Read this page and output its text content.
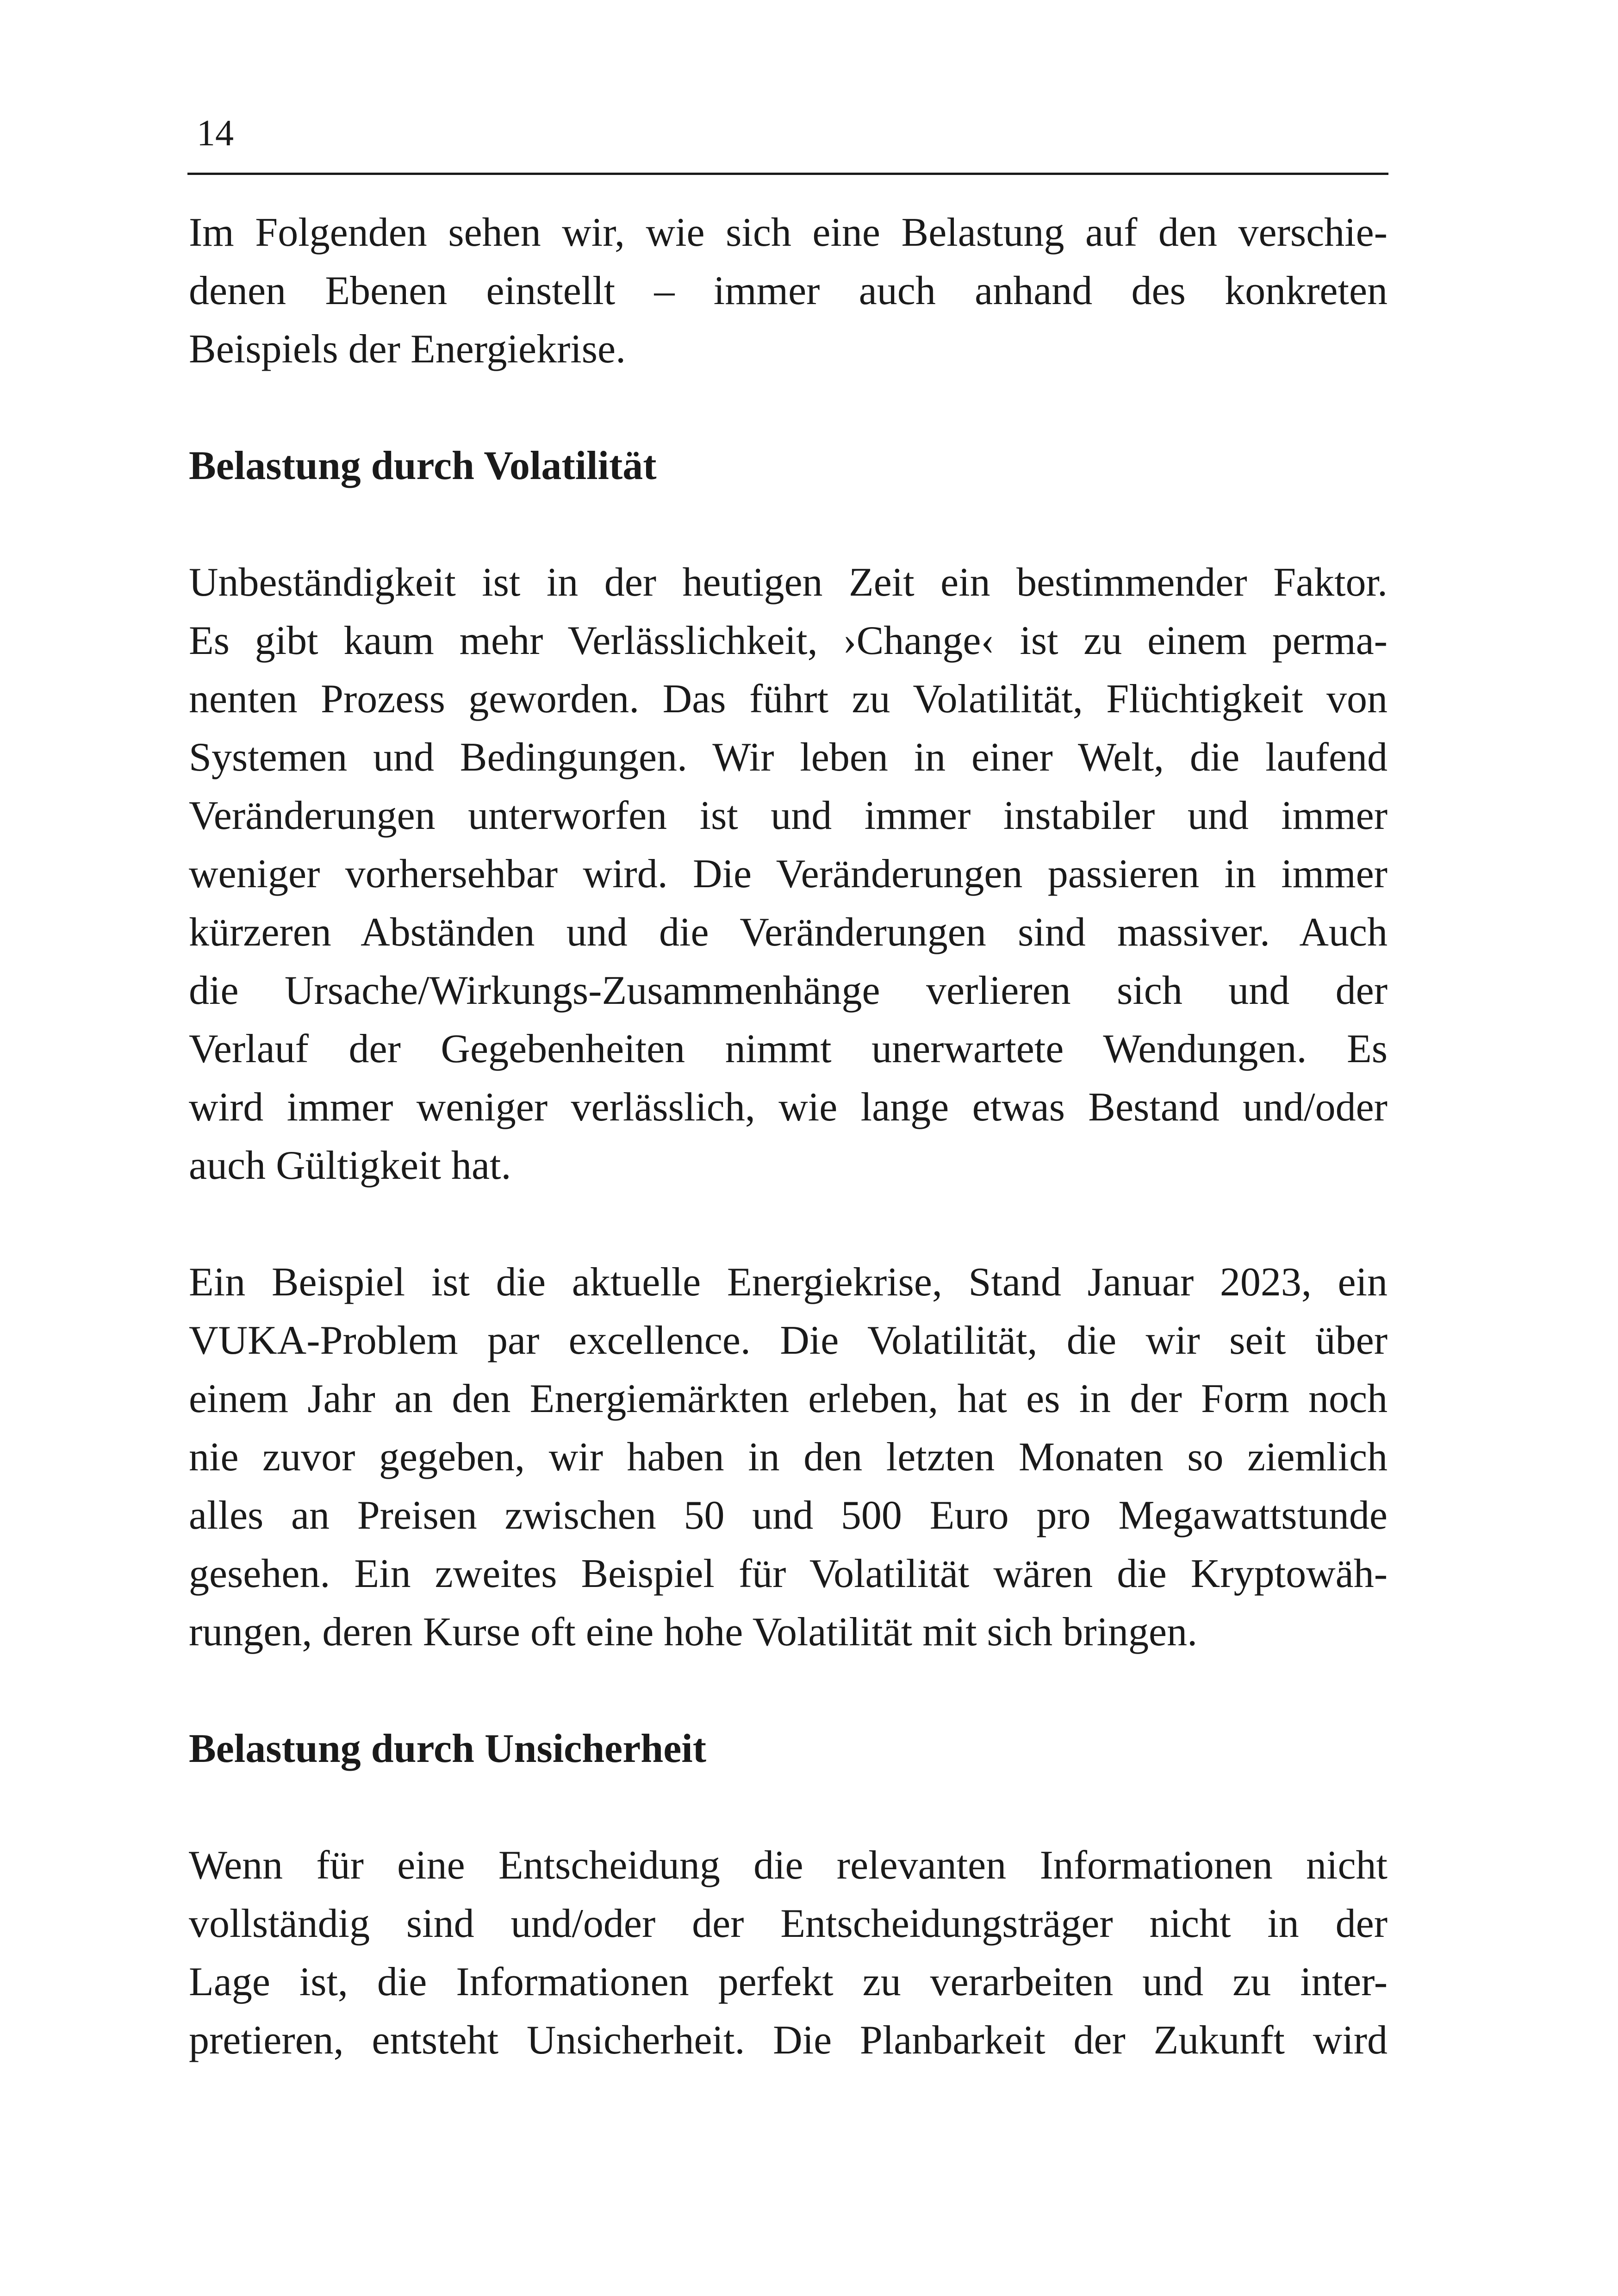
14

Im Folgenden sehen wir, wie sich eine Belastung auf den verschie-
denen Ebenen einstellt – immer auch anhand des konkreten
Beispiels der Energiekrise.

Belastung durch Volatilität

Unbeständigkeit ist in der heutigen Zeit ein bestimmender Faktor.
Es gibt kaum mehr Verlässlichkeit, ›Change‹ ist zu einem perma-
nenten Prozess geworden. Das führt zu Volatilität, Flüchtigkeit von
Systemen und Bedingungen. Wir leben in einer Welt, die laufend
Veränderungen unterworfen ist und immer instabiler und immer
weniger vorhersehbar wird. Die Veränderungen passieren in immer
kürzeren Abständen und die Veränderungen sind massiver. Auch
die Ursache/Wirkungs-Zusammenhänge verlieren sich und der
Verlauf der Gegebenheiten nimmt unerwartete Wendungen. Es
wird immer weniger verlässlich, wie lange etwas Bestand und/oder
auch Gültigkeit hat.

Ein Beispiel ist die aktuelle Energiekrise, Stand Januar 2023, ein
VUKA-Problem par excellence. Die Volatilität, die wir seit über
einem Jahr an den Energiemärkten erleben, hat es in der Form noch
nie zuvor gegeben, wir haben in den letzten Monaten so ziemlich
alles an Preisen zwischen 50 und 500 Euro pro Megawattstunde
gesehen. Ein zweites Beispiel für Volatilität wären die Kryptowäh-
rungen, deren Kurse oft eine hohe Volatilität mit sich bringen.

Belastung durch Unsicherheit

Wenn für eine Entscheidung die relevanten Informationen nicht
vollständig sind und/oder der Entscheidungsträger nicht in der
Lage ist, die Informationen perfekt zu verarbeiten und zu inter-
pretieren, entsteht Unsicherheit. Die Planbarkeit der Zukunft wird
